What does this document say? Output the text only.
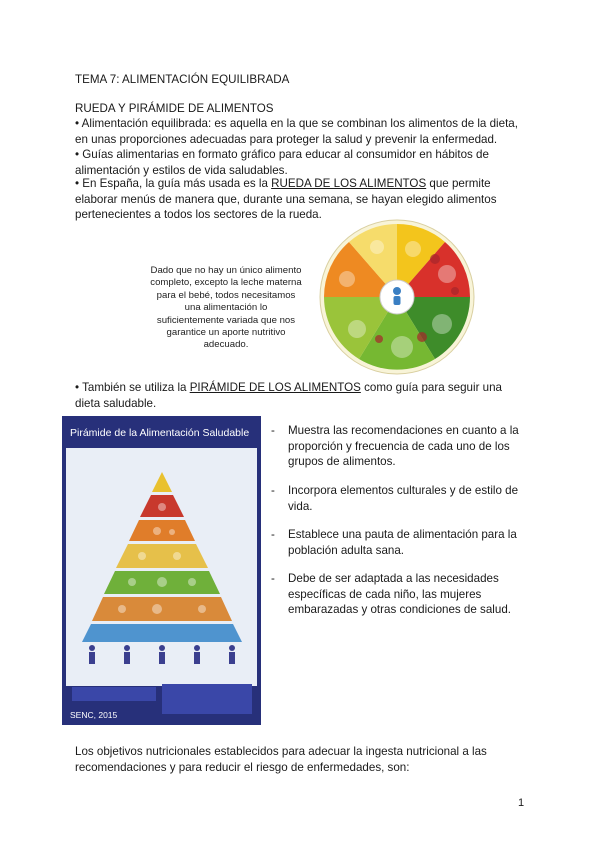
TEMA 7: ALIMENTACIÓN EQUILIBRADA
RUEDA Y PIRÁMIDE DE ALIMENTOS
• Alimentación equilibrada: es aquella en la que se combinan los alimentos de la dieta, en unas proporciones adecuadas para proteger la salud y prevenir la enfermedad.
• Guías alimentarias en formato gráfico para educar al consumidor en hábitos de alimentación y estilos de vida saludables.
• En España, la guía más usada es la RUEDA DE LOS ALIMENTOS que permite elaborar menús de manera que, durante una semana, se hayan elegido alimentos pertenecientes a todos los sectores de la rueda.
Dado que no hay un único alimento completo, excepto la leche materna para el bebé, todos necesitamos una alimentación lo suficientemente variada que nos garantice un aporte nutritivo adecuado.
• También se utiliza la PIRÁMIDE DE LOS ALIMENTOS como guía para seguir una dieta saludable.
Pirámide de la Alimentación Saludable
SENC, 2015
- Muestra las recomendaciones en cuanto a la proporción y frecuencia de cada uno de los grupos de alimentos.
- Incorpora elementos culturales y de estilo de vida.
- Establece una pauta de alimentación para la población adulta sana.
- Debe de ser adaptada a las necesidades específicas de cada niño, las mujeres embarazadas y otras condiciones de salud.
Los objetivos nutricionales establecidos para adecuar la ingesta nutricional a las recomendaciones y para reducir el riesgo de enfermedades, son:
1
